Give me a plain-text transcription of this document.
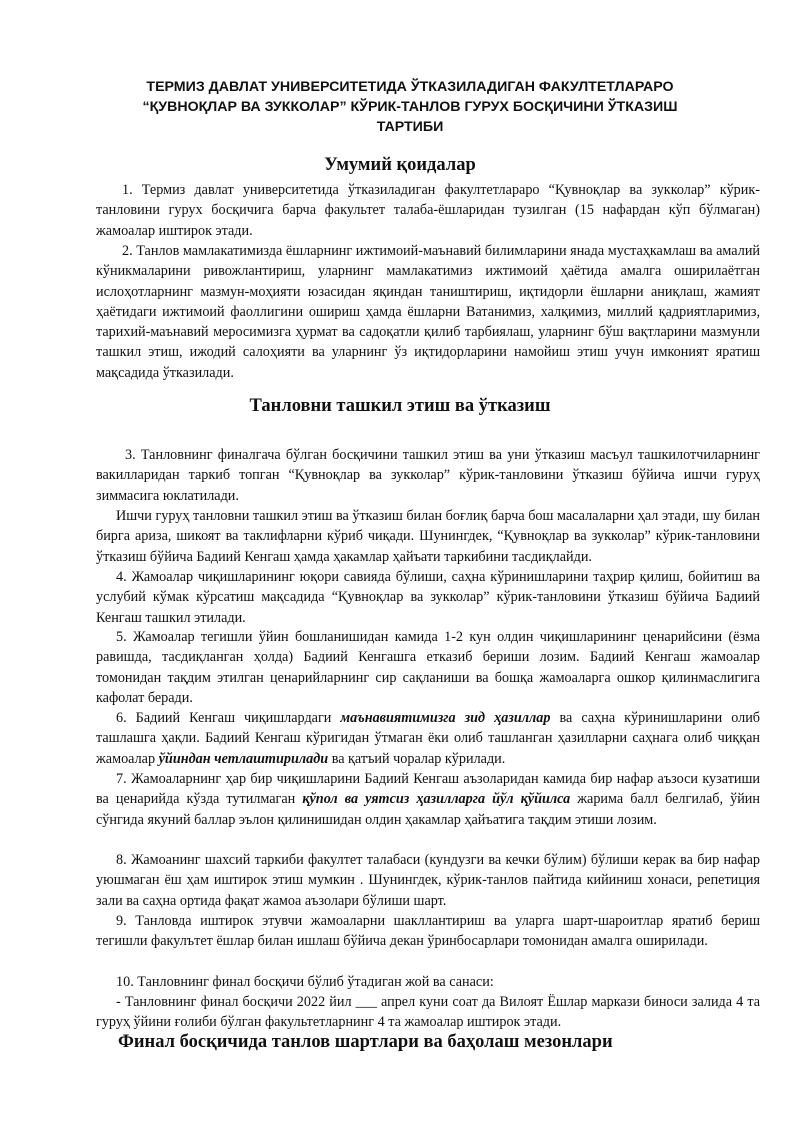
ТЕРМИЗ ДАВЛАТ УНИВЕРСИТЕТИДА ЎТКАЗИЛАДИГАН ФАКУЛТЕТЛАРАРО
“ҚУВНОҚЛАР ВА ЗУККОЛАР” КЎРИК-ТАНЛОВ ГУРУХ БОСҚИЧИНИ ЎТКАЗИШ
ТАРТИБИ
Умумий қоидалар

1. Термиз давлат университетида ўтказиладиган факултетлараро “Қувноқлар ва зукколар” кўрик-танловини гурух босқичига барча факультет талаба-ёшларидан тузилган (15 нафардан кўп бўлмаган) жамоалар иштирок этади.

2. Танлов мамлакатимизда ёшларнинг ижтимоий-маънавий билимларини янада мустаҳкамлаш ва амалий кўникмаларини ривожлантириш, уларнинг мамлакатимиз ижтимоий ҳаётида амалга оширилаётган ислоҳотларнинг мазмун-моҳияти юзасидан яқиндан таништириш, иқтидорли ёшларни аниқлаш, жамият ҳаётидаги ижтимоий фаоллигини ошириш ҳамда ёшларни Ватанимиз, халқимиз, миллий қадриятларимиз, тарихий-маънавий меросимизга ҳурмат ва садоқатли қилиб тарбиялаш, уларнинг бўш вақтларини мазмунли ташкил этиш, ижодий салоҳияти ва уларнинг ўз иқтидорларини намойиш этиш учун имконият яратиш мақсадида ўтказилади.

Танловни ташкил этиш ва ўтказиш

3. Танловнинг финалгача бўлган босқичини ташкил этиш ва уни ўтказиш масъул ташкилотчиларнинг вакилларидан таркиб топган “Қувноқлар ва зукколар” кўрик-танловини ўтказиш бўйича ишчи гуруҳ зиммасига юклатилади.

Ишчи гуруҳ танловни ташкил этиш ва ўтказиш билан боғлиқ барча бош масалаларни ҳал этади, шу билан бирга ариза, шикоят ва таклифларни кўриб чиқади. Шунингдек, “Қувноқлар ва зукколар” кўрик-танловини ўтказиш бўйича Бадиий Кенгаш ҳамда ҳакамлар ҳайъати таркибини тасдиқлайди.

4. Жамоалар чиқишларининг юқори савияда бўлиши, саҳна кўринишларини таҳрир қилиш, бойитиш ва услубий кўмак кўрсатиш мақсадида “Қувноқлар ва зукколар” кўрик-танловини ўтказиш бўйича Бадиий Кенгаш ташкил этилади.

5. Жамоалар тегишли ўйин бошланишидан камида 1-2 кун олдин чиқишларининг ценарийсини (ёзма равишда, тасдиқланган ҳолда) Бадиий Кенгашга етказиб бериши лозим. Бадиий Кенгаш жамоалар томонидан тақдим этилган ценарийларнинг сир сақланиши ва бошқа жамоаларга ошкор қилинмаслигига кафолат беради.

6. Бадиий Кенгаш чиқишлардаги маънавиятимизга зид ҳазиллар ва саҳна кўринишларини олиб ташлашга ҳақли. Бадиий Кенгаш кўригидан ўтмаган ёки олиб ташланган ҳазилларни саҳнага олиб чиққан жамоалар ўйиндан четлаштирилади ва қатъий чоралар кўрилади.

7. Жамоаларнинг ҳар бир чиқишларини Бадиий Кенгаш аъзоларидан камида бир нафар аъзоси кузатиши ва ценарийда кўзда тутилмаган қўпол ва уятсиз ҳазилларга йўл қўйилса жарима балл белгилаб, ўйин сўнгида якуний баллар эълон қилинишидан олдин ҳакамлар ҳайъатига тақдим этиши лозим.

8. Жамоанинг шахсий таркиби факултет талабаси (кундузги ва кечки бўлим) бўлиши керак ва бир нафар уюшмаган ёш ҳам иштирок этиш мумкин . Шунингдек, кўрик-танлов пайтида кийиниш хонаси, репетиция зали ва саҳна ортида фақат жамоа аъзолари бўлиши шарт.

9. Танловда иштирок этувчи жамоаларни шакллантириш ва уларга шарт-шароитлар яратиб бериш тегишли факулътет ёшлар билан ишлаш бўйича декан ўринбосарлари томонидан амалга оширилади.

10. Танловнинг финал босқичи бўлиб ўтадиган жой ва санаси:

- Танловнинг финал босқичи 2022 йил ___ апрел куни соат да Вилоят Ёшлар маркази биноси залида 4 та гуруҳ ўйини ғолиби бўлган факультетларнинг 4 та жамоалар иштирок этади.

Финал босқичида танлов шартлари ва баҳолаш мезонлари
